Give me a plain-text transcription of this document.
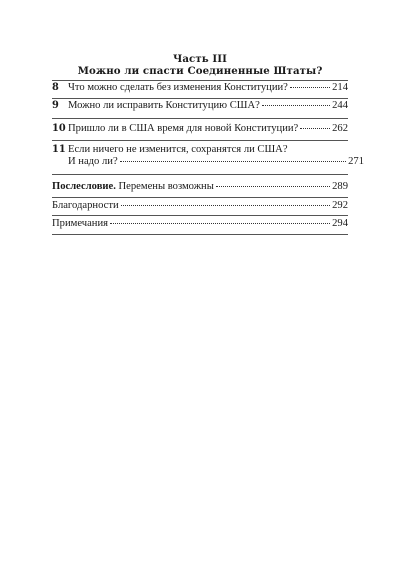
Часть III
Можно ли спасти Соединенные Штаты?
8 Что можно сделать без изменения Конституции?	214
9 Можно ли исправить Конституцию США?	244
10 Пришло ли в США время для новой Конституции?	262
11 Если ничего не изменится, сохранятся ли США?
И надо ли?	271
Послесловие. Перемены возможны	289
Благодарности	292
Примечания	294
